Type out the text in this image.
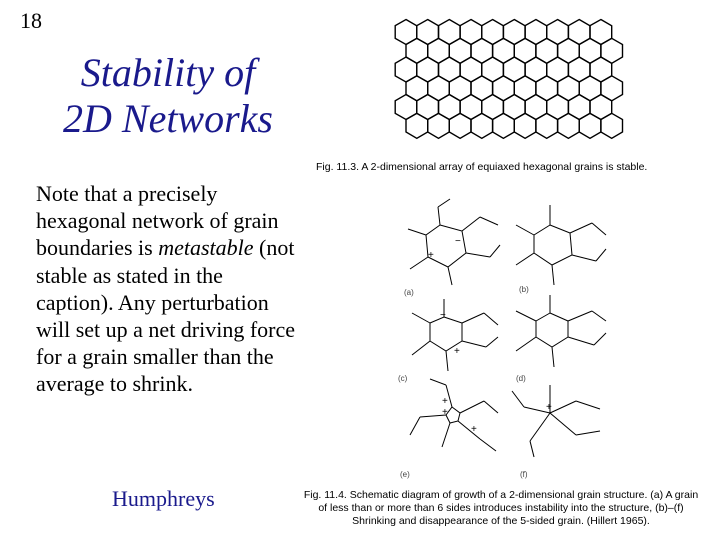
18
Stability of
2D Networks
Note that a precisely hexagonal network of grain boundaries is metastable (not stable as stated in the caption). Any perturbation will set up a net driving force for a grain smaller than the average to shrink.
Humphreys
Fig. 11.3. A 2-dimensional array of equiaxed hexagonal grains is stable.
(a)	(b)
(c)	(d)
(e)	(f)
−
+
−
+
+
+
+
+
Fig. 11.4. Schematic diagram of growth of a 2-dimensional grain structure. (a) A grain
of less than or more than 6 sides introduces instability into the structure, (b)–(f)
Shrinking and disappearance of the 5-sided grain. (Hillert 1965).
